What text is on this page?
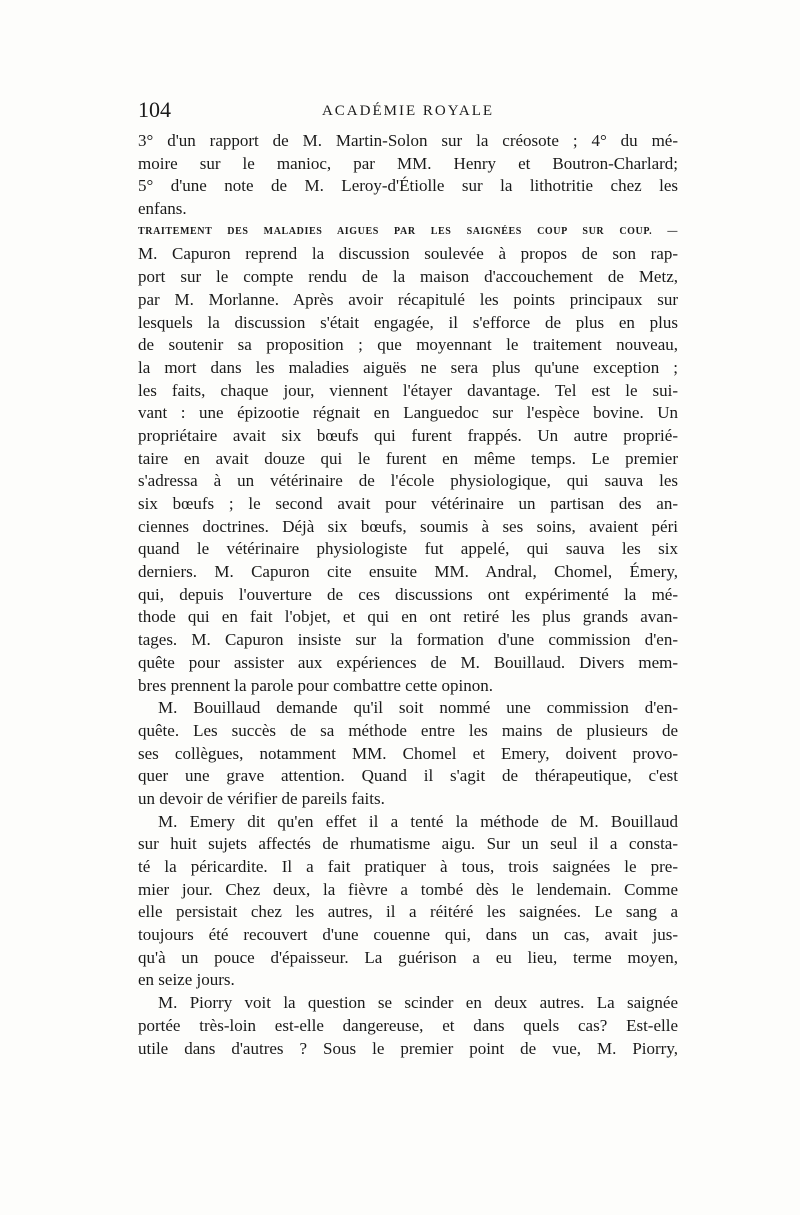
104	ACADÉMIE ROYALE
3° d'un rapport de M. Martin-Solon sur la créosote ; 4° du mé-
moire sur le manioc, par MM. Henry et Boutron-Charlard;
5° d'une note de M. Leroy-d'Étiolle sur la lithotritie chez les
enfans.
TRAITEMENT DES MALADIES AIGUES PAR LES SAIGNÉES COUP SUR COUP. —
M. Capuron reprend la discussion soulevée à propos de son rap-
port sur le compte rendu de la maison d'accouchement de Metz,
par M. Morlanne. Après avoir récapitulé les points principaux sur
lesquels la discussion s'était engagée, il s'efforce de plus en plus
de soutenir sa proposition ; que moyennant le traitement nouveau,
la mort dans les maladies aiguës ne sera plus qu'une exception ;
les faits, chaque jour, viennent l'étayer davantage. Tel est le sui-
vant : une épizootie régnait en Languedoc sur l'espèce bovine. Un
propriétaire avait six bœufs qui furent frappés. Un autre proprié-
taire en avait douze qui le furent en même temps. Le premier
s'adressa à un vétérinaire de l'école physiologique, qui sauva les
six bœufs ; le second avait pour vétérinaire un partisan des an-
ciennes doctrines. Déjà six bœufs, soumis à ses soins, avaient péri
quand le vétérinaire physiologiste fut appelé, qui sauva les six
derniers. M. Capuron cite ensuite MM. Andral, Chomel, Émery,
qui, depuis l'ouverture de ces discussions ont expérimenté la mé-
thode qui en fait l'objet, et qui en ont retiré les plus grands avan-
tages. M. Capuron insiste sur la formation d'une commission d'en-
quête pour assister aux expériences de M. Bouillaud. Divers mem-
bres prennent la parole pour combattre cette opinon.
M. Bouillaud demande qu'il soit nommé une commission d'en-
quête. Les succès de sa méthode entre les mains de plusieurs de
ses collègues, notamment MM. Chomel et Emery, doivent provo-
quer une grave attention. Quand il s'agit de thérapeutique, c'est
un devoir de vérifier de pareils faits.
M. Emery dit qu'en effet il a tenté la méthode de M. Bouillaud
sur huit sujets affectés de rhumatisme aigu. Sur un seul il a consta-
té la péricardite. Il a fait pratiquer à tous, trois saignées le pre-
mier jour. Chez deux, la fièvre a tombé dès le lendemain. Comme
elle persistait chez les autres, il a réitéré les saignées. Le sang a
toujours été recouvert d'une couenne qui, dans un cas, avait jus-
qu'à un pouce d'épaisseur. La guérison a eu lieu, terme moyen,
en seize jours.
M. Piorry voit la question se scinder en deux autres. La saignée
portée très-loin est-elle dangereuse, et dans quels cas? Est-elle
utile dans d'autres ? Sous le premier point de vue, M. Piorry,
